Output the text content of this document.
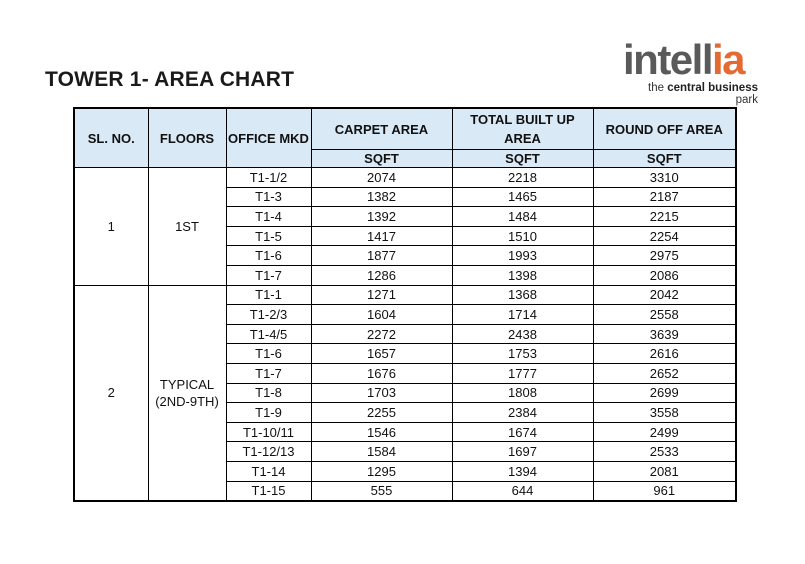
TOWER 1- AREA CHART	intellia
the central business park
SL. NO.	FLOORS	OFFICE MKD	CARPET AREA	TOTAL BUILT UP AREA	ROUND OFF AREA
			SQFT	SQFT	SQFT
1	1ST	T1-1/2	2074	2218	3310
		T1-3	1382	1465	2187
		T1-4	1392	1484	2215
		T1-5	1417	1510	2254
		T1-6	1877	1993	2975
		T1-7	1286	1398	2086
2	TYPICAL (2ND-9TH)	T1-1	1271	1368	2042
		T1-2/3	1604	1714	2558
		T1-4/5	2272	2438	3639
		T1-6	1657	1753	2616
		T1-7	1676	1777	2652
		T1-8	1703	1808	2699
		T1-9	2255	2384	3558
		T1-10/11	1546	1674	2499
		T1-12/13	1584	1697	2533
		T1-14	1295	1394	2081
		T1-15	555	644	961
